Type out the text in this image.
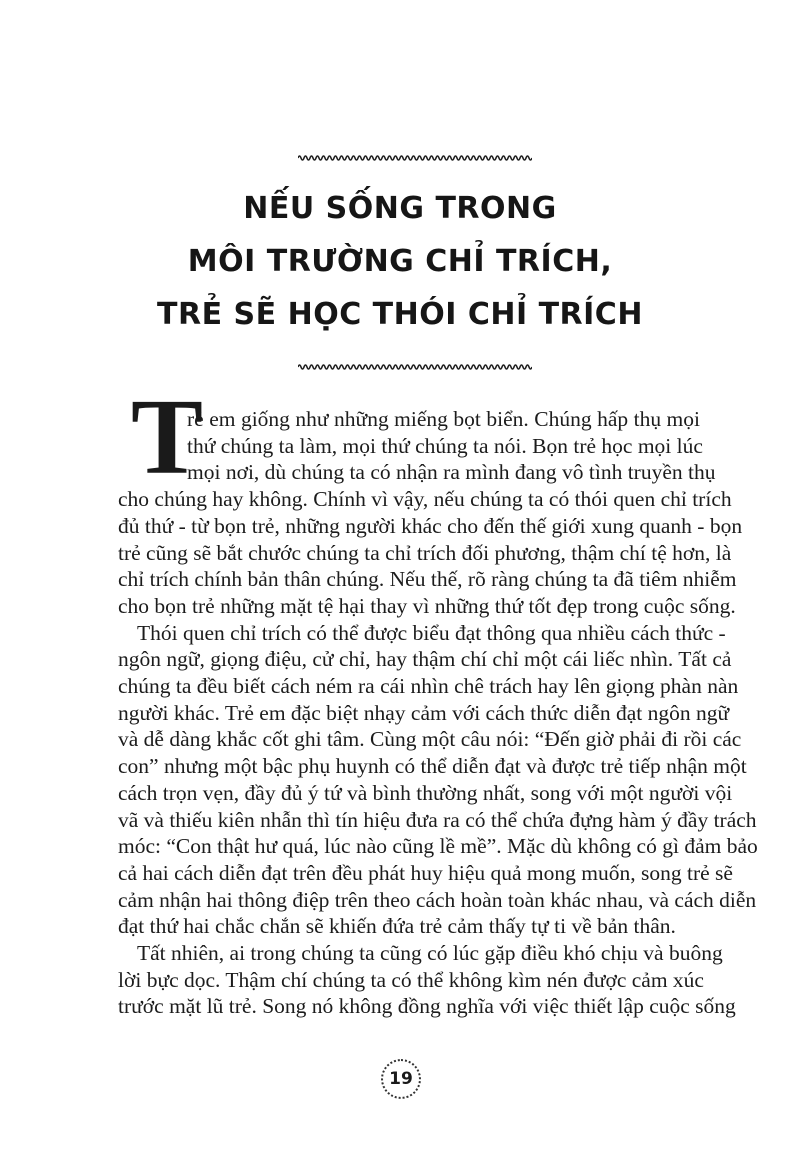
NẾU SỐNG TRONG
MÔI TRƯỜNG CHỈ TRÍCH,
TRẺ SẼ HỌC THÓI CHỈ TRÍCH
T
rẻ em giống như những miếng bọt biển. Chúng hấp thụ mọi
thứ chúng ta làm, mọi thứ chúng ta nói. Bọn trẻ học mọi lúc
mọi nơi, dù chúng ta có nhận ra mình đang vô tình truyền thụ
cho chúng hay không. Chính vì vậy, nếu chúng ta có thói quen chỉ trích
đủ thứ - từ bọn trẻ, những người khác cho đến thế giới xung quanh - bọn
trẻ cũng sẽ bắt chước chúng ta chỉ trích đối phương, thậm chí tệ hơn, là
chỉ trích chính bản thân chúng. Nếu thế, rõ ràng chúng ta đã tiêm nhiễm
cho bọn trẻ những mặt tệ hại thay vì những thứ tốt đẹp trong cuộc sống.
Thói quen chỉ trích có thể được biểu đạt thông qua nhiều cách thức -
ngôn ngữ, giọng điệu, cử chỉ, hay thậm chí chỉ một cái liếc nhìn. Tất cả
chúng ta đều biết cách ném ra cái nhìn chê trách hay lên giọng phàn nàn
người khác. Trẻ em đặc biệt nhạy cảm với cách thức diễn đạt ngôn ngữ
và dễ dàng khắc cốt ghi tâm. Cùng một câu nói: “Đến giờ phải đi rồi các
con” nhưng một bậc phụ huynh có thể diễn đạt và được trẻ tiếp nhận một
cách trọn vẹn, đầy đủ ý tứ và bình thường nhất, song với một người vội
vã và thiếu kiên nhẫn thì tín hiệu đưa ra có thể chứa đựng hàm ý đầy trách
móc: “Con thật hư quá, lúc nào cũng lề mề”. Mặc dù không có gì đảm bảo
cả hai cách diễn đạt trên đều phát huy hiệu quả mong muốn, song trẻ sẽ
cảm nhận hai thông điệp trên theo cách hoàn toàn khác nhau, và cách diễn
đạt thứ hai chắc chắn sẽ khiến đứa trẻ cảm thấy tự ti về bản thân.
Tất nhiên, ai trong chúng ta cũng có lúc gặp điều khó chịu và buông
lời bực dọc. Thậm chí chúng ta có thể không kìm nén được cảm xúc
trước mặt lũ trẻ. Song nó không đồng nghĩa với việc thiết lập cuộc sống
19
